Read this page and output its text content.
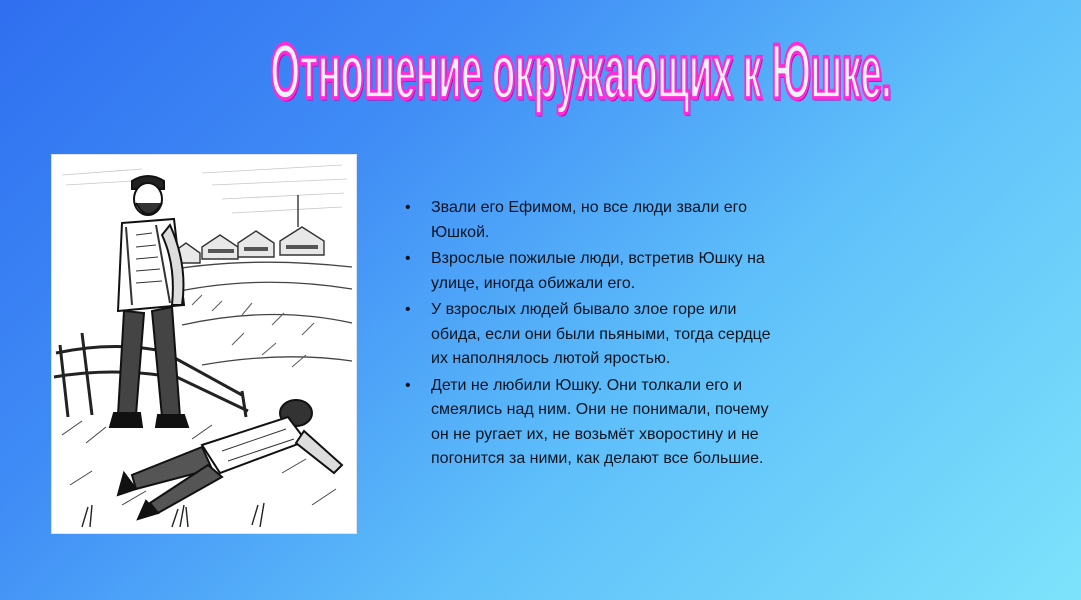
Отношение окружающих к Юшке.
• Звали его Ефимом, но все люди звали его Юшкой.
• Взрослые пожилые люди, встретив Юшку на улице, иногда обижали его.
• У взрослых людей бывало злое горе или обида, если они были пьяными, тогда сердце их наполнялось лютой яростью.
• Дети не любили Юшку. Они толкали его и смеялись над ним. Они не понимали, почему он не ругает их, не возьмёт хворостину и не погонится за ними, как делают все большие.
